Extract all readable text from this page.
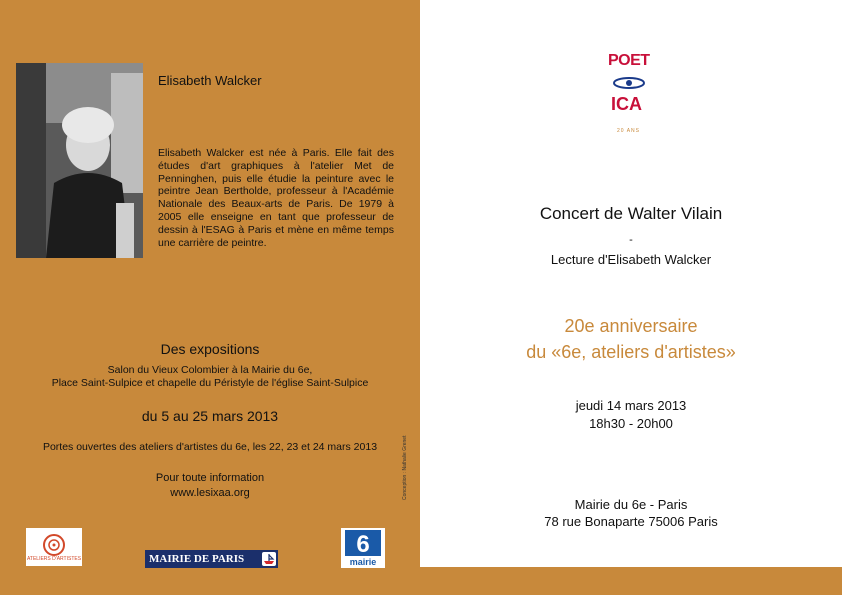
Elisabeth Walcker
Elisabeth Walcker est née à Paris. Elle fait des études d'art graphiques à l'atelier Met de Penninghen, puis elle étudie la peinture avec le peintre Jean Bertholde, professeur à l'Académie Nationale des Beaux-arts de Paris. De 1979 à 2005 elle enseigne en tant que professeur de dessin à l'ESAG à Paris et mène en même temps une carrière de peintre.
Des expositions
Salon du Vieux Colombier à la Mairie du 6e,
Place Saint-Sulpice et chapelle du Péristyle de l'église Saint-Sulpice
du 5 au 25 mars 2013
Portes ouvertes des ateliers d'artistes du 6e, les 22, 23 et 24 mars 2013
Pour toute information
www.lesixaa.org	Conception : Nathalie Grenet
ATELIERS D'ARTISTES	MAIRIE DE PARIS
6
mairie
POET
ICA
20 ANS
Concert de Walter Vilain
-
Lecture d'Elisabeth Walcker
20e anniversaire
du «6e, ateliers d'artistes»
jeudi 14 mars 2013
18h30 - 20h00
Mairie du 6e - Paris
78 rue Bonaparte 75006 Paris
